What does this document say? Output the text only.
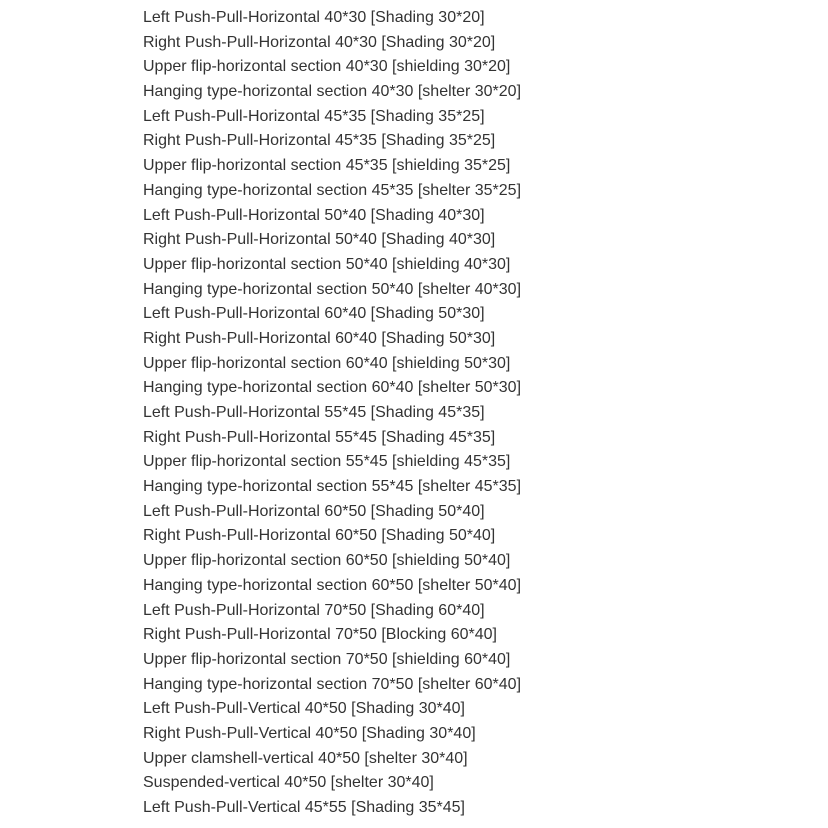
Left Push-Pull-Horizontal 40*30 [Shading 30*20]
Right Push-Pull-Horizontal 40*30 [Shading 30*20]
Upper flip-horizontal section 40*30 [shielding 30*20]
Hanging type-horizontal section 40*30 [shelter 30*20]
Left Push-Pull-Horizontal 45*35 [Shading 35*25]
Right Push-Pull-Horizontal 45*35 [Shading 35*25]
Upper flip-horizontal section 45*35 [shielding 35*25]
Hanging type-horizontal section 45*35 [shelter 35*25]
Left Push-Pull-Horizontal 50*40 [Shading 40*30]
Right Push-Pull-Horizontal 50*40 [Shading 40*30]
Upper flip-horizontal section 50*40 [shielding 40*30]
Hanging type-horizontal section 50*40 [shelter 40*30]
Left Push-Pull-Horizontal 60*40 [Shading 50*30]
Right Push-Pull-Horizontal 60*40 [Shading 50*30]
Upper flip-horizontal section 60*40 [shielding 50*30]
Hanging type-horizontal section 60*40 [shelter 50*30]
Left Push-Pull-Horizontal 55*45 [Shading 45*35]
Right Push-Pull-Horizontal 55*45 [Shading 45*35]
Upper flip-horizontal section 55*45 [shielding 45*35]
Hanging type-horizontal section 55*45 [shelter 45*35]
Left Push-Pull-Horizontal 60*50 [Shading 50*40]
Right Push-Pull-Horizontal 60*50 [Shading 50*40]
Upper flip-horizontal section 60*50 [shielding 50*40]
Hanging type-horizontal section 60*50 [shelter 50*40]
Left Push-Pull-Horizontal 70*50 [Shading 60*40]
Right Push-Pull-Horizontal 70*50 [Blocking 60*40]
Upper flip-horizontal section 70*50 [shielding 60*40]
Hanging type-horizontal section 70*50 [shelter 60*40]
Left Push-Pull-Vertical 40*50 [Shading 30*40]
Right Push-Pull-Vertical 40*50 [Shading 30*40]
Upper clamshell-vertical 40*50 [shelter 30*40]
Suspended-vertical 40*50 [shelter 30*40]
Left Push-Pull-Vertical 45*55 [Shading 35*45]
